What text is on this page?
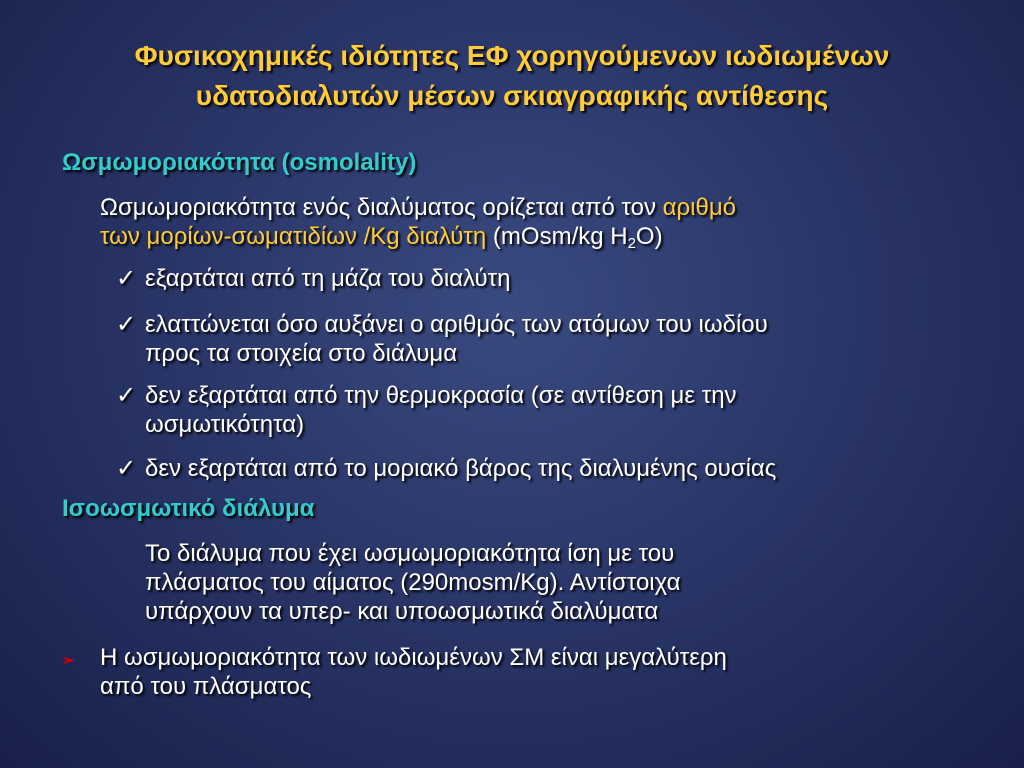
Φυσικοχημικές ιδιότητες ΕΦ χορηγούμενων ιωδιωμένων
υδατοδιαλυτών μέσων σκιαγραφικής αντίθεσης
Ωσμωμοριακότητα (osmolality)
Ωσμωμοριακότητα ενός διαλύματος ορίζεται από τον αριθμό
των μορίων-σωματιδίων /Kg διαλύτη (mOsm/kg $H_2O$)
✓ εξαρτάται από τη μάζα του διαλύτη
✓ ελαττώνεται όσο αυξάνει ο αριθμός των ατόμων του ιωδίου
προς τα στοιχεία στο διάλυμα
✓ δεν εξαρτάται από την θερμοκρασία (σε αντίθεση με την
ωσμωτικότητα)
✓ δεν εξαρτάται από το μοριακό βάρος της διαλυμένης ουσίας
Ισοωσμωτικό διάλυμα
Το διάλυμα που έχει ωσμωμοριακότητα ίση με του
πλάσματος του αίματος (290mosm/Kg). Αντίστοιχα
υπάρχουν τα υπερ- και υποωσμωτικά διαλύματα
➢ Η ωσμωμοριακότητα των ιωδιωμένων ΣΜ είναι μεγαλύτερη
από του πλάσματος
